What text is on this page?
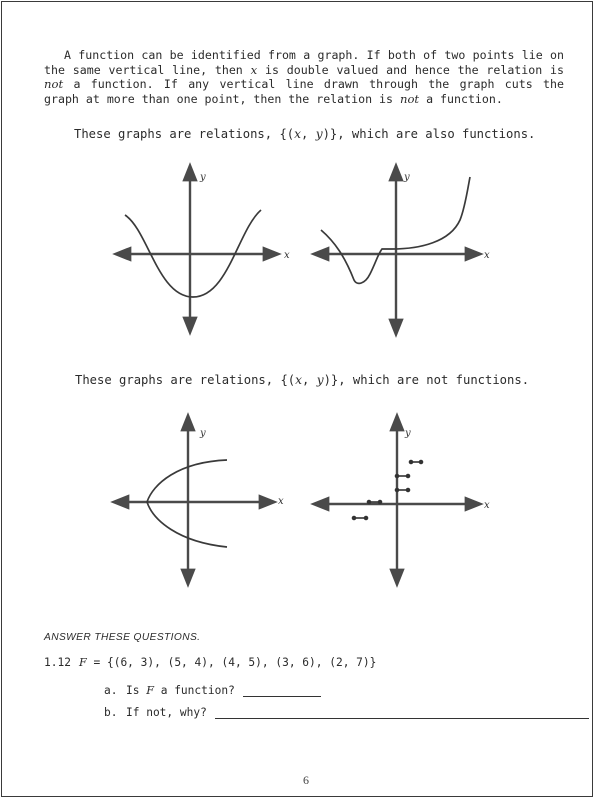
A function can be identified from a graph. If both of two points lie on the same vertical line, then x is double valued and hence the relation is not a function. If any vertical line drawn through the graph cuts the graph at more than one point, then the relation is not a function.

These graphs are relations, {(x, y)}, which are also functions.

y
x
y
x

These graphs are relations, {(x, y)}, which are not functions.

y
x
y
x

ANSWER THESE QUESTIONS.

1.12 F = {(6, 3), (5, 4), (4, 5), (3, 6), (2, 7)}

a. Is F a function?

b. If not, why?

6
